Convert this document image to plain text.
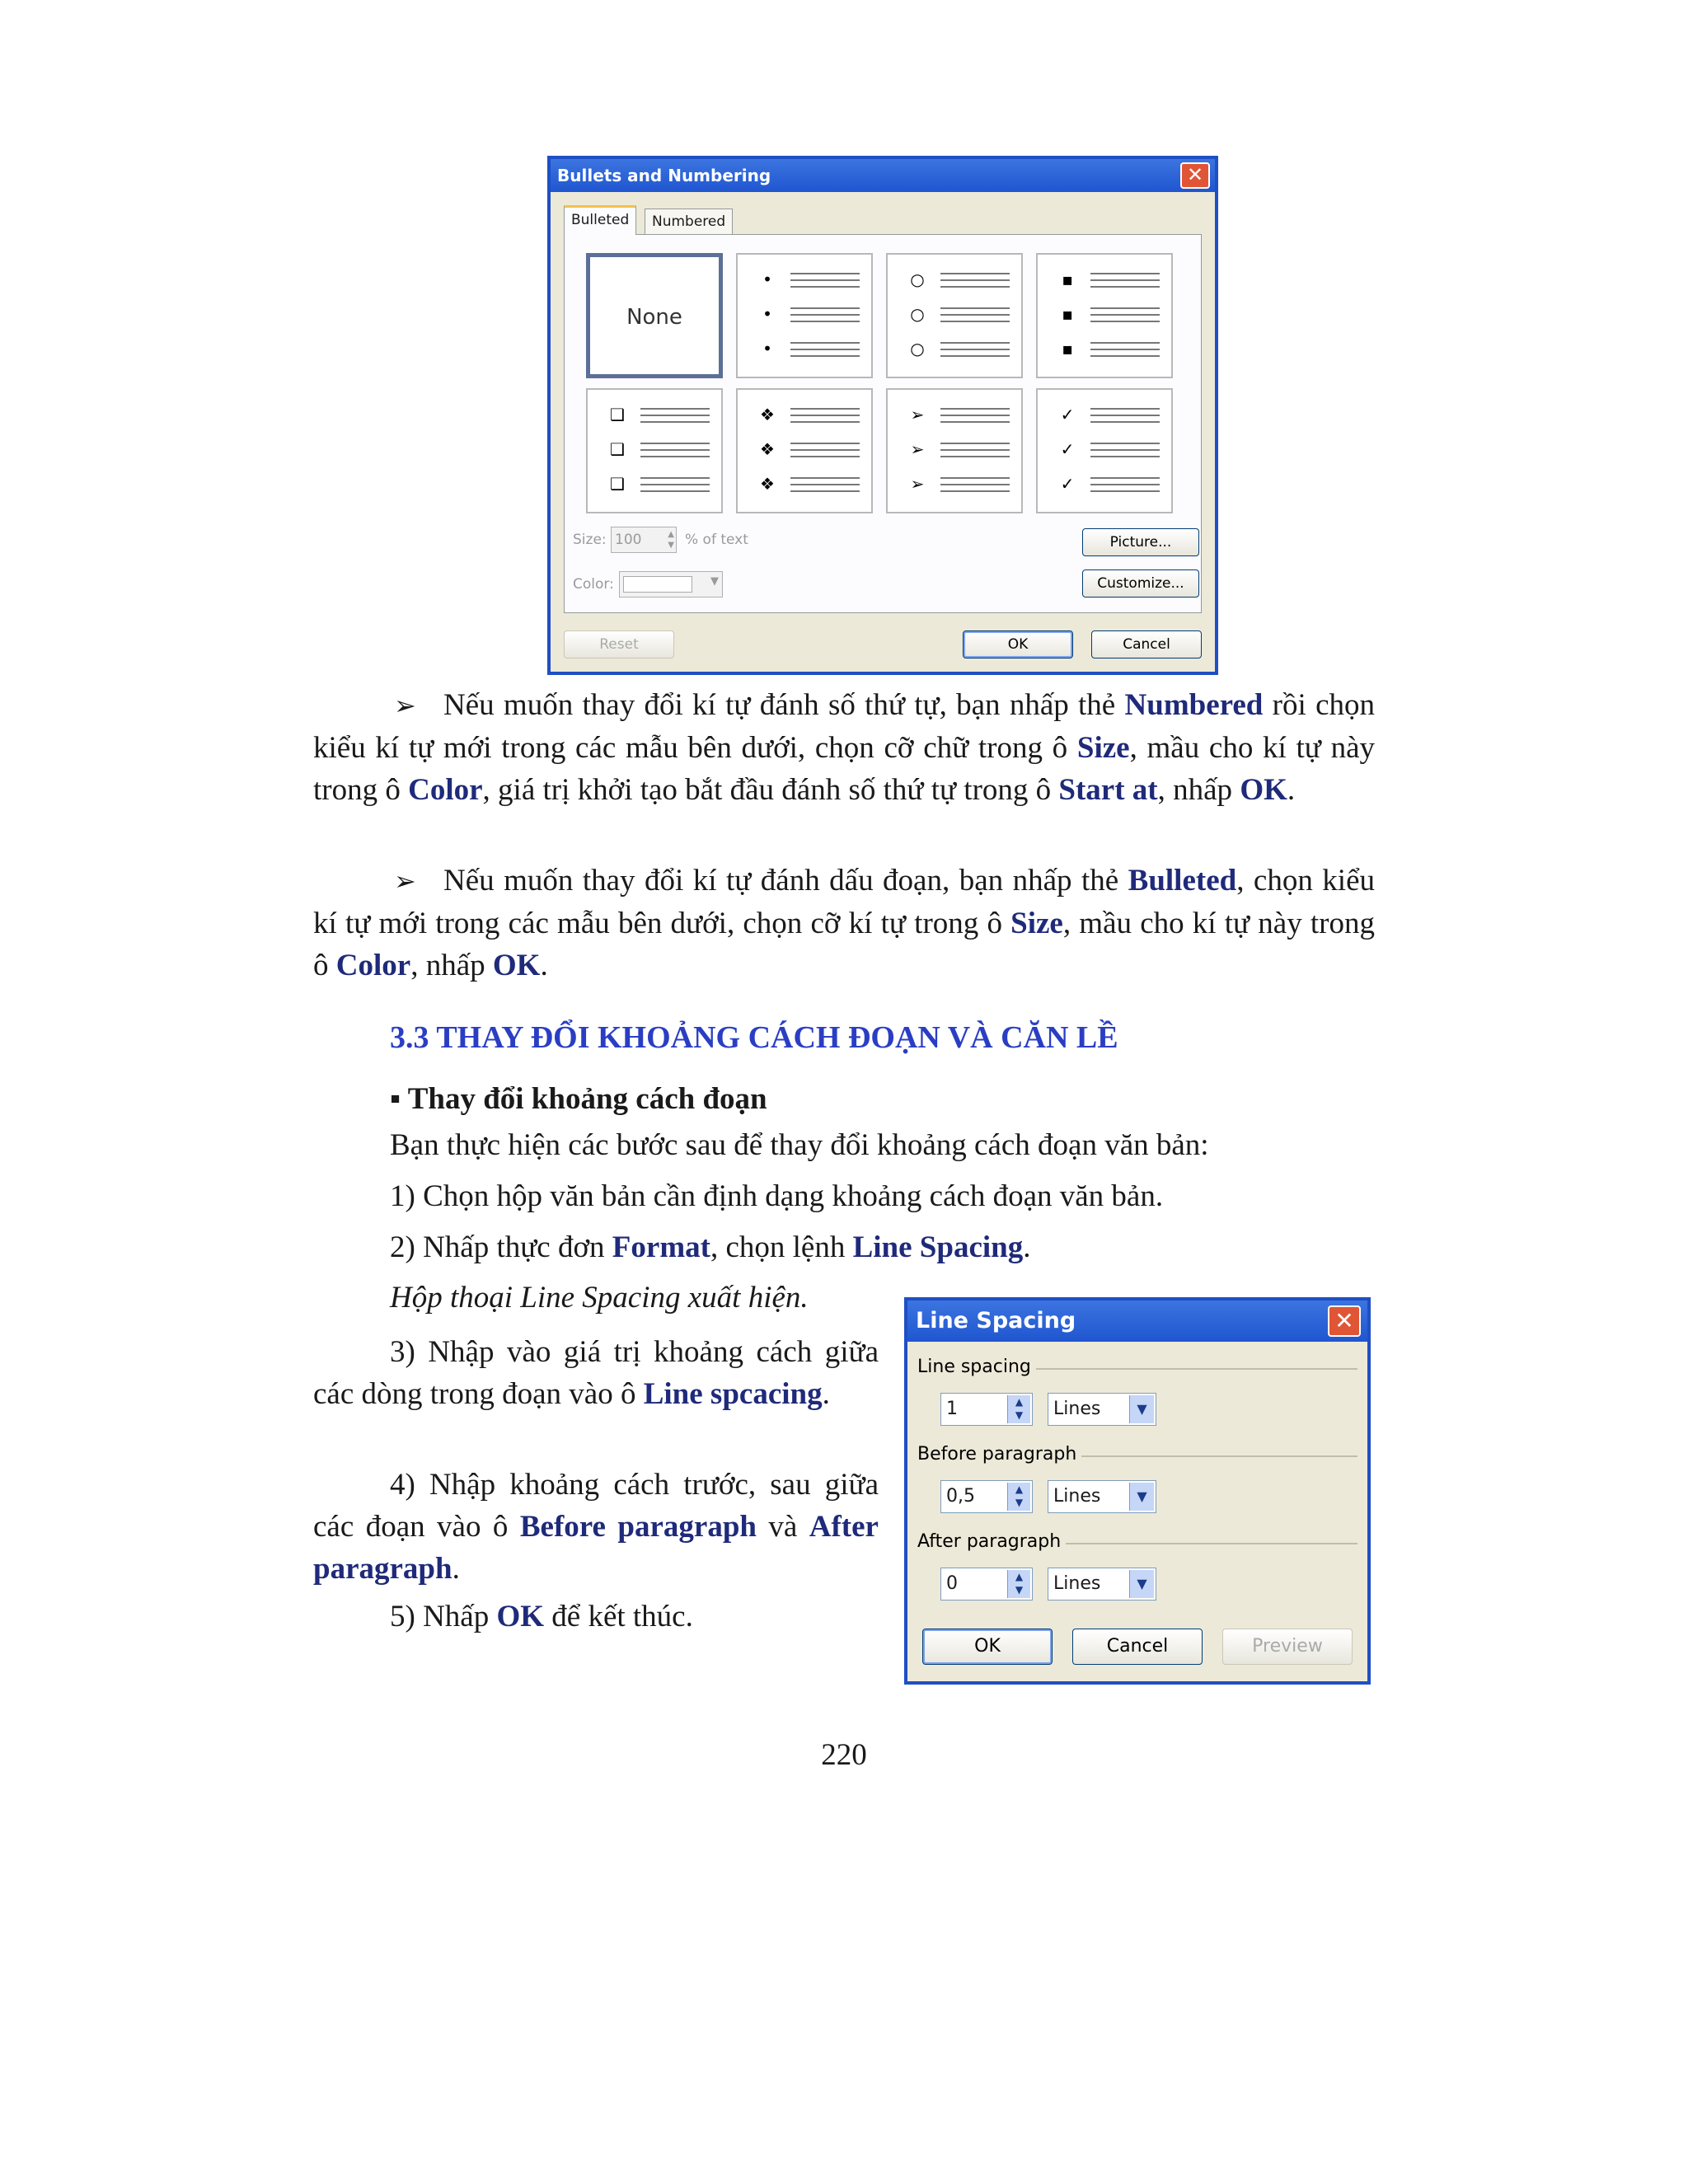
Bullets and Numbering	✕
Bulleted	Numbered
None
•
•
•
○
○
○
▪
▪
▪
❑
❑
❑
❖
❖
❖
➢
➢
➢
✓
✓
✓
Size: 100	▲
▼ % of text
Color:	▼
Picture...
Customize...
Reset	OK	Cancel
➢ Nếu muốn thay đổi kí tự đánh số thứ tự, bạn nhấp thẻ Numbered rồi chọn kiểu kí tự mới trong các mẫu bên dưới, chọn cỡ chữ trong ô Size, mầu cho kí tự này trong ô Color, giá trị khởi tạo bắt đầu đánh số thứ tự trong ô Start at, nhấp OK.
➢ Nếu muốn thay đổi kí tự đánh dấu đoạn, bạn nhấp thẻ Bulleted, chọn kiểu kí tự mới trong các mẫu bên dưới, chọn cỡ kí tự trong ô Size, mầu cho kí tự này trong ô Color, nhấp OK.
3.3 THAY ĐỔI KHOẢNG CÁCH ĐOẠN VÀ CĂN LỀ
▪ Thay đổi khoảng cách đoạn
Bạn thực hiện các bước sau để thay đổi khoảng cách đoạn văn bản:
1) Chọn hộp văn bản cần định dạng khoảng cách đoạn văn bản.
2) Nhấp thực đơn Format, chọn lệnh Line Spacing.
Hộp thoại Line Spacing xuất hiện.
3) Nhập vào giá trị khoảng cách giữa các dòng trong đoạn vào ô Line spcacing.
4) Nhập khoảng cách trước, sau giữa các đoạn vào ô Before paragraph và After paragraph.
5) Nhấp OK để kết thúc.
Line Spacing	✕
Line spacing
1	▲
▼	Lines	▼
Before paragraph
0,5	▲
▼	Lines	▼
After paragraph
0	▲
▼	Lines	▼
OK	Cancel	Preview
220
